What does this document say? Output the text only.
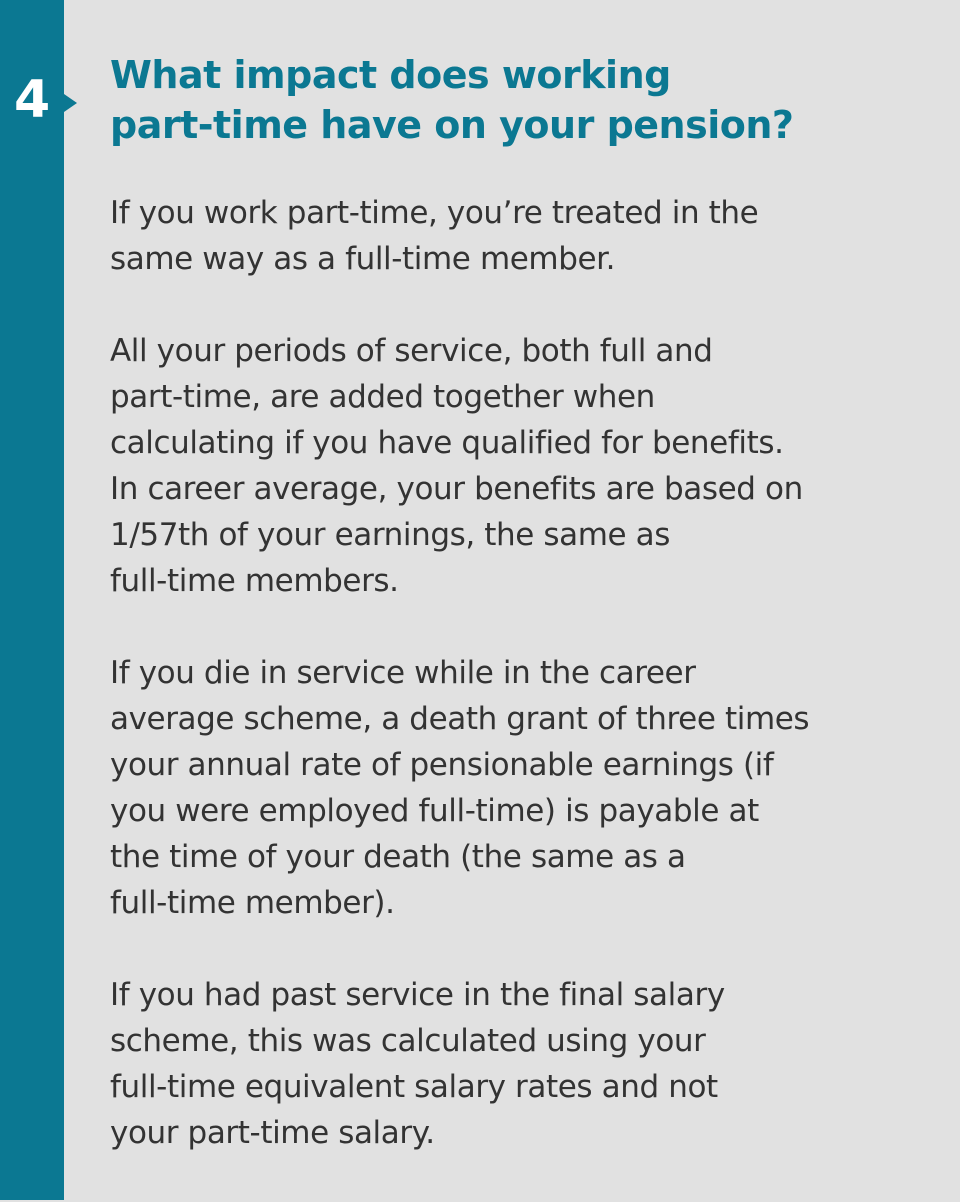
4	What impact does working
part-time have on your pension?

If you work part-time, you’re treated in the
same way as a full-time member.

All your periods of service, both full and
part-time, are added together when
calculating if you have qualified for benefits.
In career average, your benefits are based on
1/57th of your earnings, the same as
full-time members.

If you die in service while in the career
average scheme, a death grant of three times
your annual rate of pensionable earnings (if
you were employed full-time) is payable at
the time of your death (the same as a
full-time member).

If you had past service in the final salary
scheme, this was calculated using your
full-time equivalent salary rates and not
your part-time salary.
